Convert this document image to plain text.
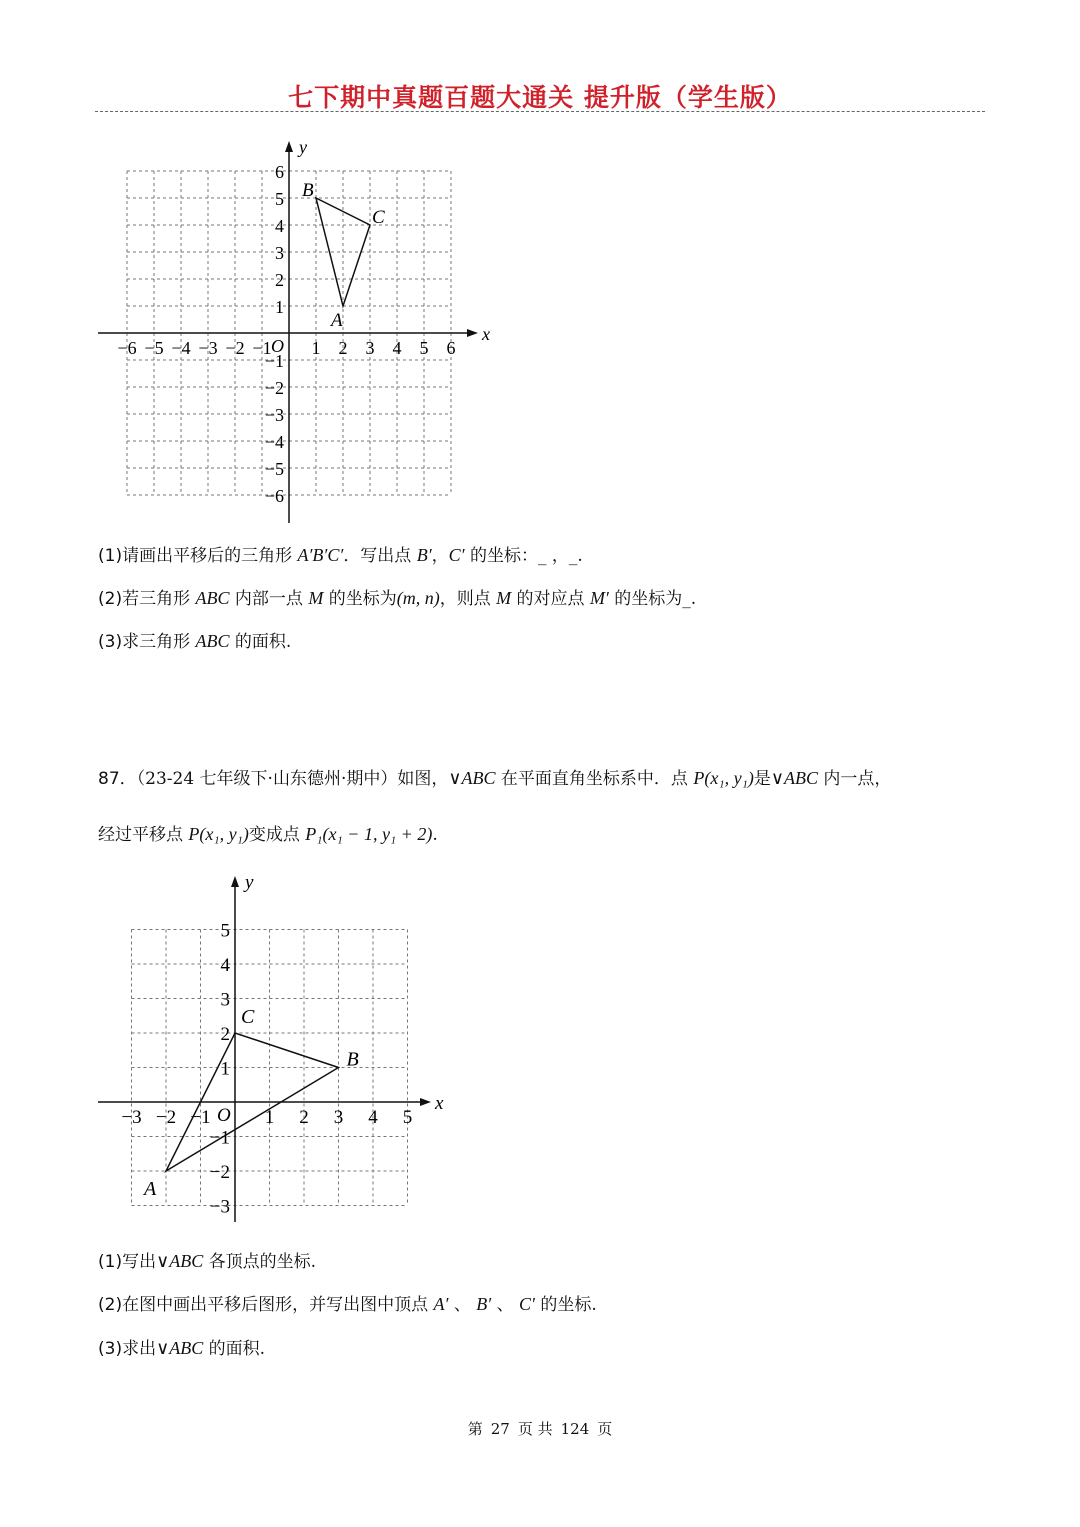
七下期中真题百题大通关 提升版（学生版）
x
y
O
−6 −5 −4 −3 −2 −1 1 2 3 4 5 6
6
5
4
3
2
1
−1
−2
−3
−4
−5
−6
A
B
C
(1)请画出平移后的三角形 A′B′C′．写出点 B′，C′ 的坐标：_ ，_.
(2)若三角形 ABC 内部一点 M 的坐标为(m, n)，则点 M 的对应点 M′ 的坐标为_.
(3)求三角形 ABC 的面积.
87．（23-24 七年级下·山东德州·期中）如图，∨ABC 在平面直角坐标系中．点 P(x₁, y₁)是∨ABC 内一点，
经过平移点 P(x₁, y₁)变成点 P₁(x₁ − 1, y₁ + 2).
x
y
O
−3 −2 −1	1 2 3 4 5
5
4
3
2
1
−1
−2
−3
A
B
C
(1)写出∨ABC 各顶点的坐标.
(2)在图中画出平移后图形，并写出图中顶点 A′ 、 B′ 、 C′ 的坐标.
(3)求出∨ABC 的面积.
第 27 页 共 124 页
